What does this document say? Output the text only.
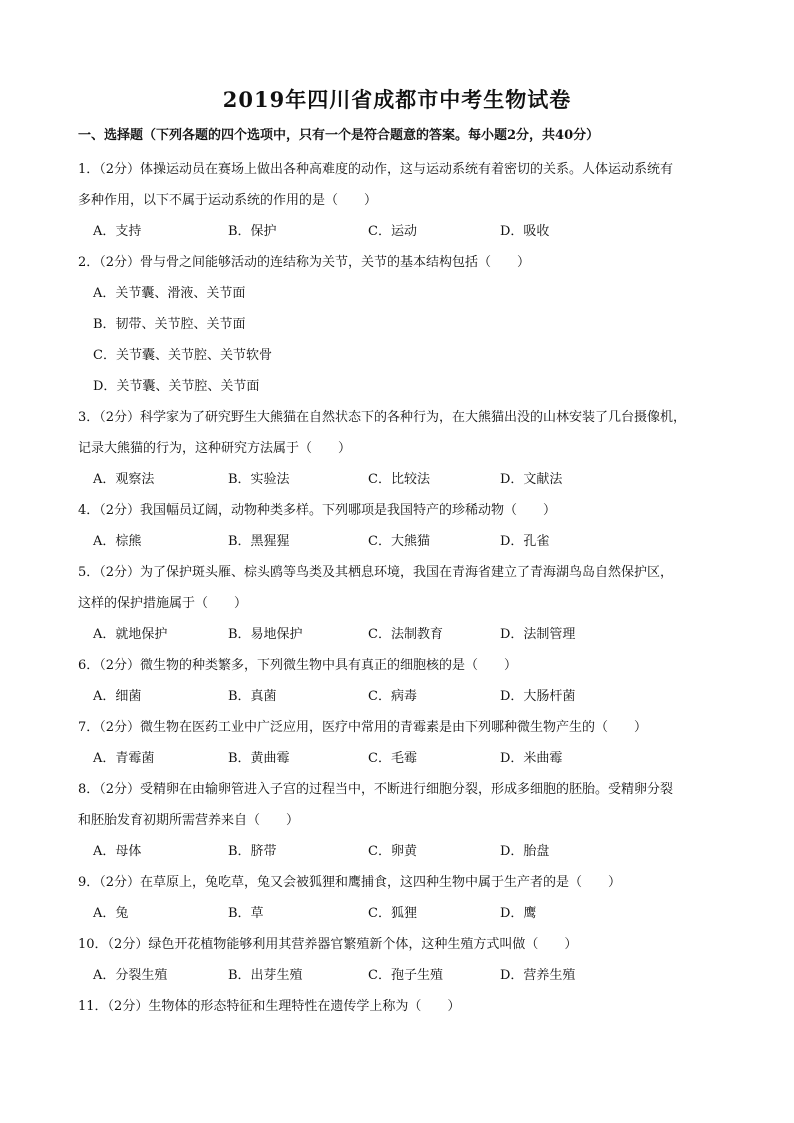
2019年四川省成都市中考生物试卷
一、选择题（下列各题的四个选项中，只有一个是符合题意的答案。每小题2分，共40分）
1．（2分）体操运动员在赛场上做出各种高难度的动作，这与运动系统有着密切的关系。人体运动系统有
多种作用，以下不属于运动系统的作用的是（　　）
A．支持	B．保护	C．运动	D．吸收
2．（2分）骨与骨之间能够活动的连结称为关节，关节的基本结构包括（　　）
A．关节囊、滑液、关节面
B．韧带、关节腔、关节面
C．关节囊、关节腔、关节软骨
D．关节囊、关节腔、关节面
3．（2分）科学家为了研究野生大熊猫在自然状态下的各种行为，在大熊猫出没的山林安装了几台摄像机，
记录大熊猫的行为，这种研究方法属于（　　）
A．观察法	B．实验法	C．比较法	D．文献法
4．（2分）我国幅员辽阔，动物种类多样。下列哪项是我国特产的珍稀动物（　　）
A．棕熊	B．黑猩猩	C．大熊猫	D．孔雀
5．（2分）为了保护斑头雁、棕头鸥等鸟类及其栖息环境，我国在青海省建立了青海湖鸟岛自然保护区，
这样的保护措施属于（　　）
A．就地保护	B．易地保护	C．法制教育	D．法制管理
6．（2分）微生物的种类繁多，下列微生物中具有真正的细胞核的是（　　）
A．细菌	B．真菌	C．病毒	D．大肠杆菌
7．（2分）微生物在医药工业中广泛应用，医疗中常用的青霉素是由下列哪种微生物产生的（　　）
A．青霉菌	B．黄曲霉	C．毛霉	D．米曲霉
8．（2分）受精卵在由输卵管进入子宫的过程当中，不断进行细胞分裂，形成多细胞的胚胎。受精卵分裂
和胚胎发育初期所需营养来自（　　）
A．母体	B．脐带	C．卵黄	D．胎盘
9．（2分）在草原上，兔吃草，兔又会被狐狸和鹰捕食，这四种生物中属于生产者的是（　　）
A．兔	B．草	C．狐狸	D．鹰
10．（2分）绿色开花植物能够利用其营养器官繁殖新个体，这种生殖方式叫做（　　）
A．分裂生殖	B．出芽生殖	C．孢子生殖	D．营养生殖
11．（2分）生物体的形态特征和生理特性在遗传学上称为（　　）
